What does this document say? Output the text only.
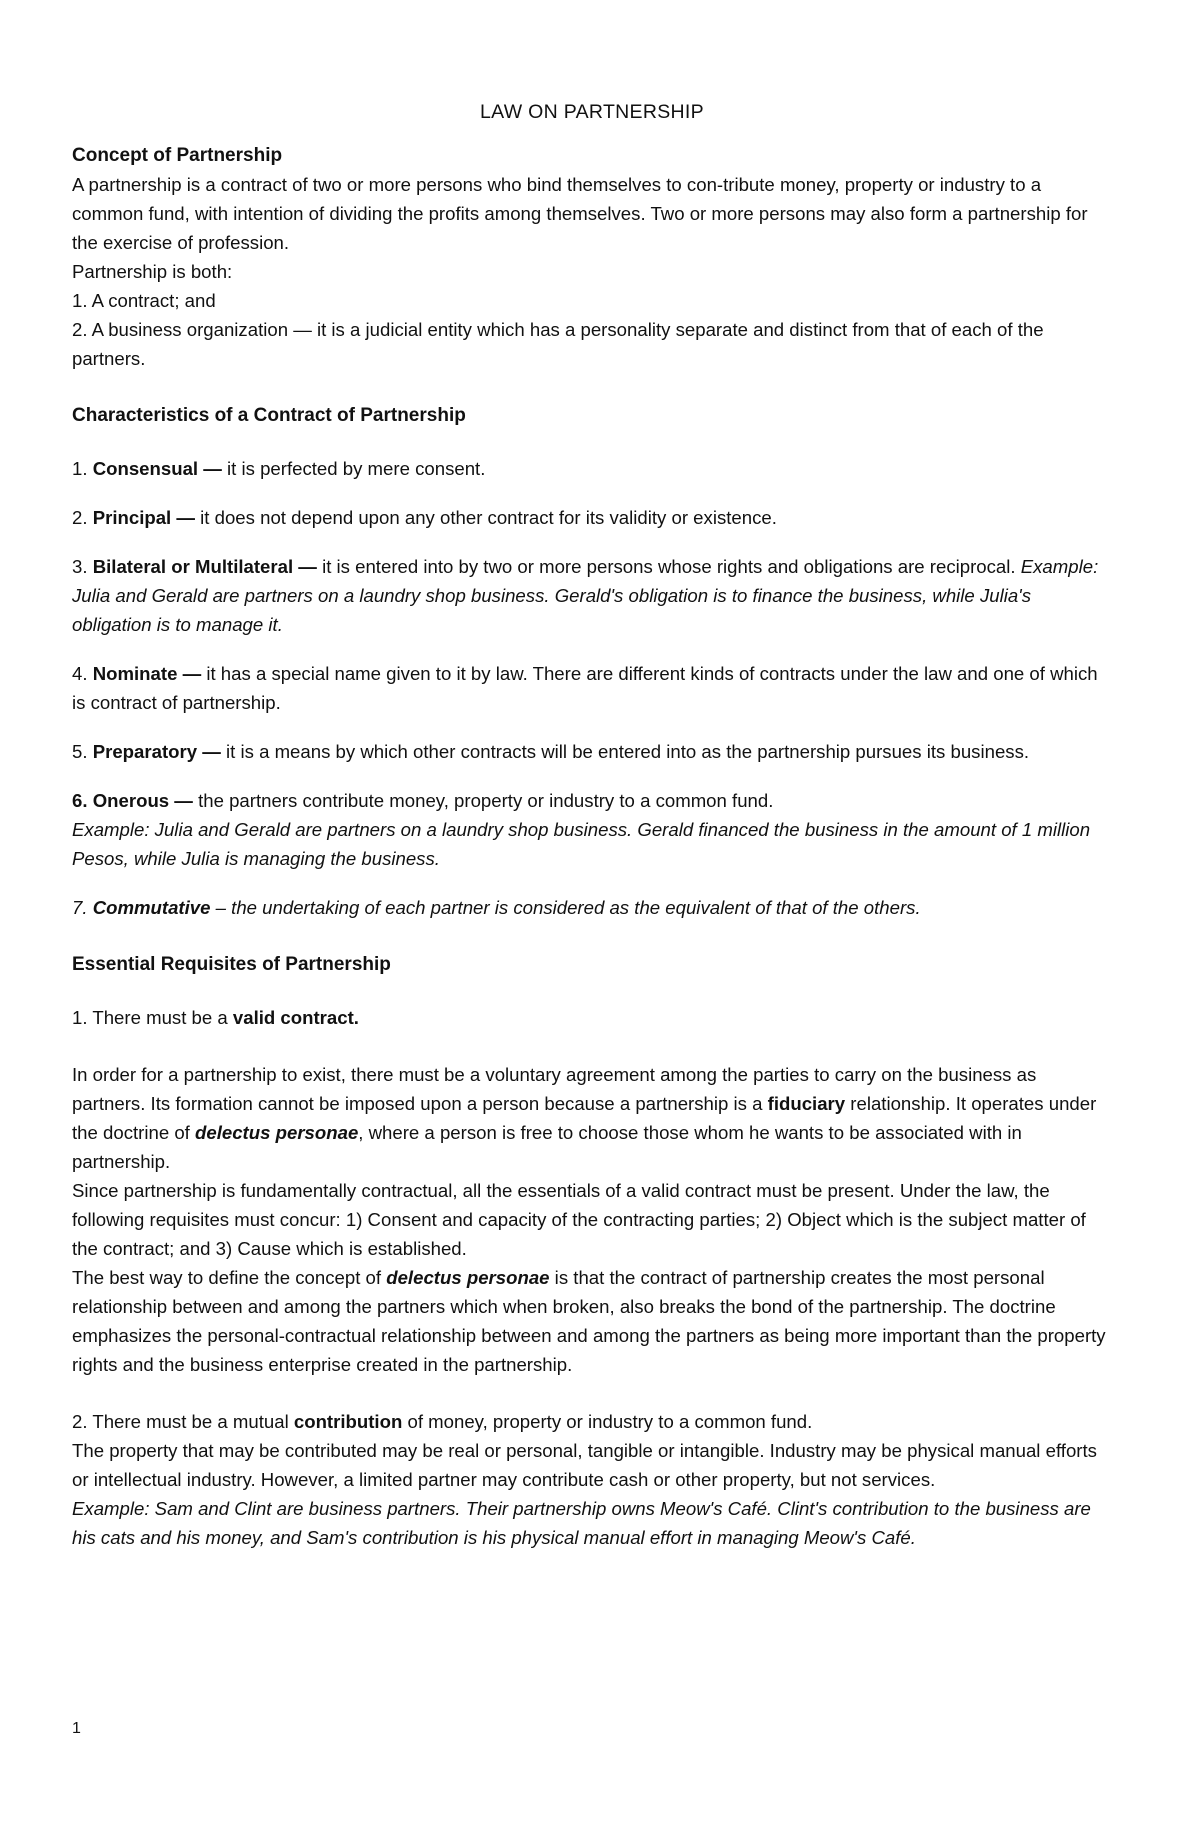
LAW ON PARTNERSHIP

Concept of Partnership

A partnership is a contract of two or more persons who bind themselves to con-tribute money, property or industry to a common fund, with intention of dividing the profits among themselves. Two or more persons may also form a partnership for the exercise of profession.

Partnership is both:

1. A contract; and

2. A business organization — it is a judicial entity which has a personality separate and distinct from that of each of the partners.

Characteristics of a Contract of Partnership

1. Consensual — it is perfected by mere consent.

2. Principal — it does not depend upon any other contract for its validity or existence.

3. Bilateral or Multilateral — it is entered into by two or more persons whose rights and obligations are reciprocal. Example: Julia and Gerald are partners on a laundry shop business. Gerald's obligation is to finance the business, while Julia's obligation is to manage it.

4. Nominate — it has a special name given to it by law. There are different kinds of contracts under the law and one of which is contract of partnership.

5. Preparatory — it is a means by which other contracts will be entered into as the partnership pursues its business.

6. Onerous — the partners contribute money, property or industry to a common fund.

Example: Julia and Gerald are partners on a laundry shop business. Gerald financed the business in the amount of 1 million Pesos, while Julia is managing the business.

7. Commutative – the undertaking of each partner is considered as the equivalent of that of the others.

Essential Requisites of Partnership

1. There must be a valid contract.

In order for a partnership to exist, there must be a voluntary agreement among the parties to carry on the business as partners. Its formation cannot be imposed upon a person because a partnership is a fiduciary relationship. It operates under the doctrine of delectus personae, where a person is free to choose those whom he wants to be associated with in partnership.

Since partnership is fundamentally contractual, all the essentials of a valid contract must be present. Under the law, the following requisites must concur: 1) Consent and capacity of the contracting parties; 2) Object which is the subject matter of the contract; and 3) Cause which is established.

The best way to define the concept of delectus personae is that the contract of partnership creates the most personal relationship between and among the partners which when broken, also breaks the bond of the partnership. The doctrine emphasizes the personal-contractual relationship between and among the partners as being more important than the property rights and the business enterprise created in the partnership.

2. There must be a mutual contribution of money, property or industry to a common fund.

The property that may be contributed may be real or personal, tangible or intangible. Industry may be physical manual efforts or intellectual industry. However, a limited partner may contribute cash or other property, but not services.

Example: Sam and Clint are business partners. Their partnership owns Meow's Café. Clint's contribution to the business are his cats and his money, and Sam's contribution is his physical manual effort in managing Meow's Café.

1
